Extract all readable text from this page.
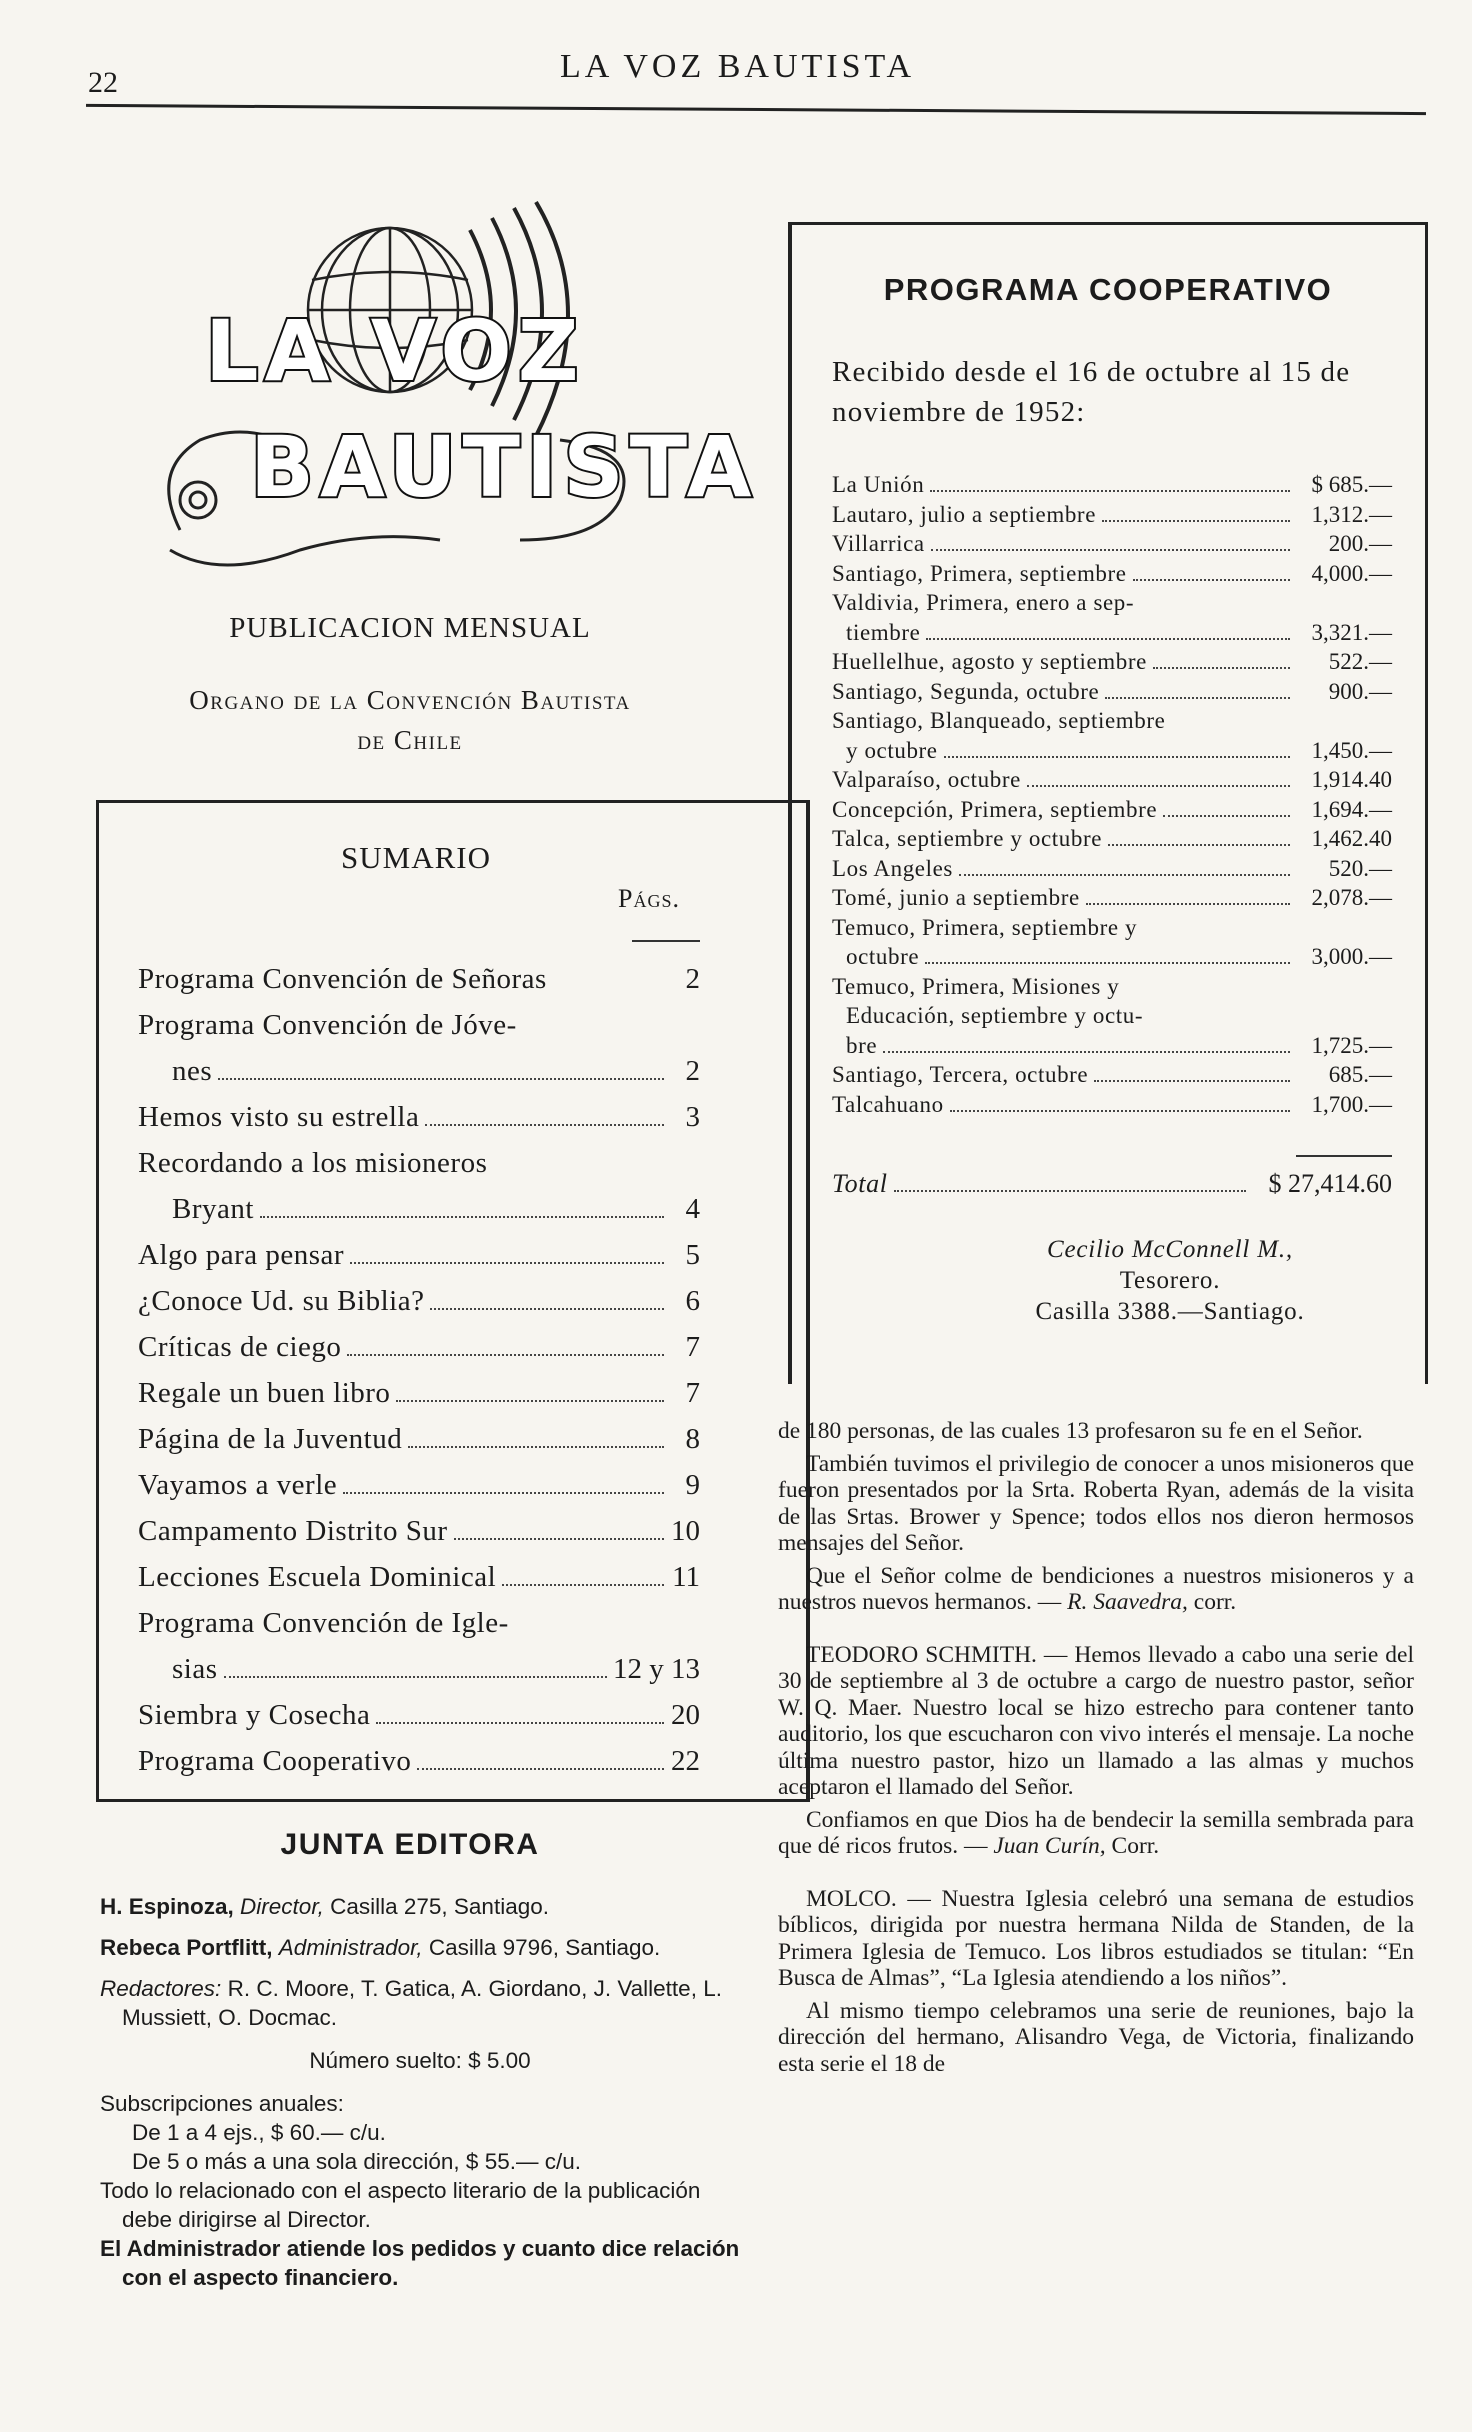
22	LA VOZ BAUTISTA
LA VOZ
BAUTISTA
PUBLICACION MENSUAL
Organo de la Convención Bautista
de Chile
SUMARIO
Págs.
Programa Convención de Señoras	2
Programa Convención de Jóve-
nes	2
Hemos visto su estrella	3
Recordando a los misioneros
Bryant	4
Algo para pensar	5
¿Conoce Ud. su Biblia?	6
Críticas de ciego	7
Regale un buen libro	7
Página de la Juventud	8
Vayamos a verle	9
Campamento Distrito Sur	10
Lecciones Escuela Dominical	11
Programa Convención de Igle-
sias	12 y 13
Siembra y Cosecha	20
Programa Cooperativo	22
JUNTA EDITORA

H. Espinoza, Director, Casilla 275, Santiago.

Rebeca Portflitt, Administrador, Casilla 9796, Santiago.

Redactores: R. C. Moore, T. Gatica, A. Giordano, J. Vallette, L. Mussiett, O. Docmac.

Número suelto: $ 5.00

Subscripciones anuales:

De 1 a 4 ejs., $ 60.— c/u.

De 5 o más a una sola dirección, $ 55.— c/u.

Todo lo relacionado con el aspecto literario de la publicación debe dirigirse al Director.

El Administrador atiende los pedidos y cuanto dice relación con el aspecto financiero.

PROGRAMA COOPERATIVO
Recibido desde el 16 de octubre al 15 de noviembre de 1952:
La Unión	$ 685.—
Lautaro, julio a septiembre	1,312.—
Villarrica	200.—
Santiago, Primera, septiembre	4,000.—
Valdivia, Primera, enero a sep-
tiembre	3,321.—
Huellelhue, agosto y septiembre	522.—
Santiago, Segunda, octubre	900.—
Santiago, Blanqueado, septiembre
y octubre	1,450.—
Valparaíso, octubre	1,914.40
Concepción, Primera, septiembre	1,694.—
Talca, septiembre y octubre	1,462.40
Los Angeles	520.—
Tomé, junio a septiembre	2,078.—
Temuco, Primera, septiembre y
octubre	3,000.—
Temuco, Primera, Misiones y
Educación, septiembre y octu-
bre	1,725.—
Santiago, Tercera, octubre	685.—
Talcahuano	1,700.—
Total	$ 27,414.60
Cecilio McConnell M.,
Tesorero.
Casilla 3388.—Santiago.

de 180 personas, de las cuales 13 profesaron su fe en el Señor.

También tuvimos el privilegio de conocer a unos misioneros que fueron presentados por la Srta. Roberta Ryan, además de la visita de las Srtas. Brower y Spence; todos ellos nos dieron hermosos mensajes del Señor.

Que el Señor colme de bendiciones a nuestros misioneros y a nuestros nuevos hermanos. — R. Saavedra, corr.

TEODORO SCHMITH. — Hemos llevado a cabo una serie del 30 de septiembre al 3 de octubre a cargo de nuestro pastor, señor W. Q. Maer. Nuestro local se hizo estrecho para contener tanto auditorio, los que escucharon con vivo interés el mensaje. La noche última nuestro pastor, hizo un llamado a las almas y muchos aceptaron el llamado del Señor.

Confiamos en que Dios ha de bendecir la semilla sembrada para que dé ricos frutos. — Juan Curín, Corr.

MOLCO. — Nuestra Iglesia celebró una semana de estudios bíblicos, dirigida por nuestra hermana Nilda de Standen, de la Primera Iglesia de Temuco. Los libros estudiados se titulan: “En Busca de Almas”, “La Iglesia atendiendo a los niños”.

Al mismo tiempo celebramos una serie de reuniones, bajo la dirección del hermano, Alisandro Vega, de Victoria, finalizando esta serie el 18 de
